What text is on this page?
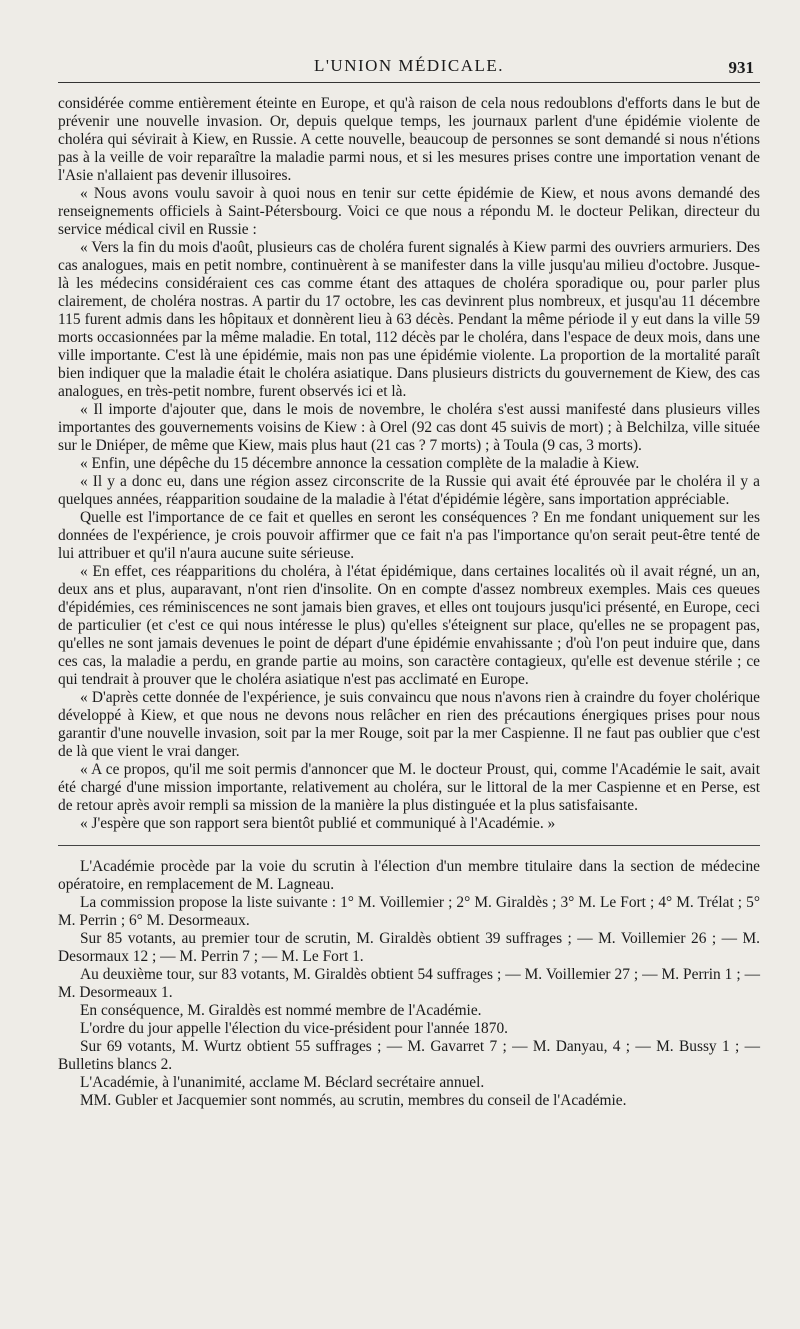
L'UNION MÉDICALE.	931

considérée comme entièrement éteinte en Europe, et qu'à raison de cela nous redoublons d'efforts dans le but de prévenir une nouvelle invasion. Or, depuis quelque temps, les journaux parlent d'une épidémie violente de choléra qui sévirait à Kiew, en Russie. A cette nouvelle, beaucoup de personnes se sont demandé si nous n'étions pas à la veille de voir reparaître la maladie parmi nous, et si les mesures prises contre une importation venant de l'Asie n'allaient pas devenir illusoires.

« Nous avons voulu savoir à quoi nous en tenir sur cette épidémie de Kiew, et nous avons demandé des renseignements officiels à Saint-Pétersbourg. Voici ce que nous a répondu M. le docteur Pelikan, directeur du service médical civil en Russie :

« Vers la fin du mois d'août, plusieurs cas de choléra furent signalés à Kiew parmi des ouvriers armuriers. Des cas analogues, mais en petit nombre, continuèrent à se manifester dans la ville jusqu'au milieu d'octobre. Jusque-là les médecins considéraient ces cas comme étant des attaques de choléra sporadique ou, pour parler plus clairement, de choléra nostras. A partir du 17 octobre, les cas devinrent plus nombreux, et jusqu'au 11 décembre 115 furent admis dans les hôpitaux et donnèrent lieu à 63 décès. Pendant la même période il y eut dans la ville 59 morts occasionnées par la même maladie. En total, 112 décès par le choléra, dans l'espace de deux mois, dans une ville importante. C'est là une épidémie, mais non pas une épidémie violente. La proportion de la mortalité paraît bien indiquer que la maladie était le choléra asiatique. Dans plusieurs districts du gouvernement de Kiew, des cas analogues, en très-petit nombre, furent observés ici et là.

« Il importe d'ajouter que, dans le mois de novembre, le choléra s'est aussi manifesté dans plusieurs villes importantes des gouvernements voisins de Kiew : à Orel (92 cas dont 45 suivis de mort) ; à Belchilza, ville située sur le Dniéper, de même que Kiew, mais plus haut (21 cas ? 7 morts) ; à Toula (9 cas, 3 morts).

« Enfin, une dépêche du 15 décembre annonce la cessation complète de la maladie à Kiew.

« Il y a donc eu, dans une région assez circonscrite de la Russie qui avait été éprouvée par le choléra il y a quelques années, réapparition soudaine de la maladie à l'état d'épidémie légère, sans importation appréciable.

Quelle est l'importance de ce fait et quelles en seront les conséquences ? En me fondant uniquement sur les données de l'expérience, je crois pouvoir affirmer que ce fait n'a pas l'importance qu'on serait peut-être tenté de lui attribuer et qu'il n'aura aucune suite sérieuse.

« En effet, ces réapparitions du choléra, à l'état épidémique, dans certaines localités où il avait régné, un an, deux ans et plus, auparavant, n'ont rien d'insolite. On en compte d'assez nombreux exemples. Mais ces queues d'épidémies, ces réminiscences ne sont jamais bien graves, et elles ont toujours jusqu'ici présenté, en Europe, ceci de particulier (et c'est ce qui nous intéresse le plus) qu'elles s'éteignent sur place, qu'elles ne se propagent pas, qu'elles ne sont jamais devenues le point de départ d'une épidémie envahissante ; d'où l'on peut induire que, dans ces cas, la maladie a perdu, en grande partie au moins, son caractère contagieux, qu'elle est devenue stérile ; ce qui tendrait à prouver que le choléra asiatique n'est pas acclimaté en Europe.

« D'après cette donnée de l'expérience, je suis convaincu que nous n'avons rien à craindre du foyer cholérique développé à Kiew, et que nous ne devons nous relâcher en rien des précautions énergiques prises pour nous garantir d'une nouvelle invasion, soit par la mer Rouge, soit par la mer Caspienne. Il ne faut pas oublier que c'est de là que vient le vrai danger.

« A ce propos, qu'il me soit permis d'annoncer que M. le docteur Proust, qui, comme l'Académie le sait, avait été chargé d'une mission importante, relativement au choléra, sur le littoral de la mer Caspienne et en Perse, est de retour après avoir rempli sa mission de la manière la plus distinguée et la plus satisfaisante.

« J'espère que son rapport sera bientôt publié et communiqué à l'Académie. »

L'Académie procède par la voie du scrutin à l'élection d'un membre titulaire dans la section de médecine opératoire, en remplacement de M. Lagneau.

La commission propose la liste suivante : 1° M. Voillemier ; 2° M. Giraldès ; 3° M. Le Fort ; 4° M. Trélat ; 5° M. Perrin ; 6° M. Desormeaux.

Sur 85 votants, au premier tour de scrutin, M. Giraldès obtient 39 suffrages ; — M. Voillemier 26 ; — M. Desormaux 12 ; — M. Perrin 7 ; — M. Le Fort 1.

Au deuxième tour, sur 83 votants, M. Giraldès obtient 54 suffrages ; — M. Voillemier 27 ; — M. Perrin 1 ; — M. Desormeaux 1.

En conséquence, M. Giraldès est nommé membre de l'Académie.

L'ordre du jour appelle l'élection du vice-président pour l'année 1870.

Sur 69 votants, M. Wurtz obtient 55 suffrages ; — M. Gavarret 7 ; — M. Danyau, 4 ; — M. Bussy 1 ; — Bulletins blancs 2.

L'Académie, à l'unanimité, acclame M. Béclard secrétaire annuel.

MM. Gubler et Jacquemier sont nommés, au scrutin, membres du conseil de l'Académie.
